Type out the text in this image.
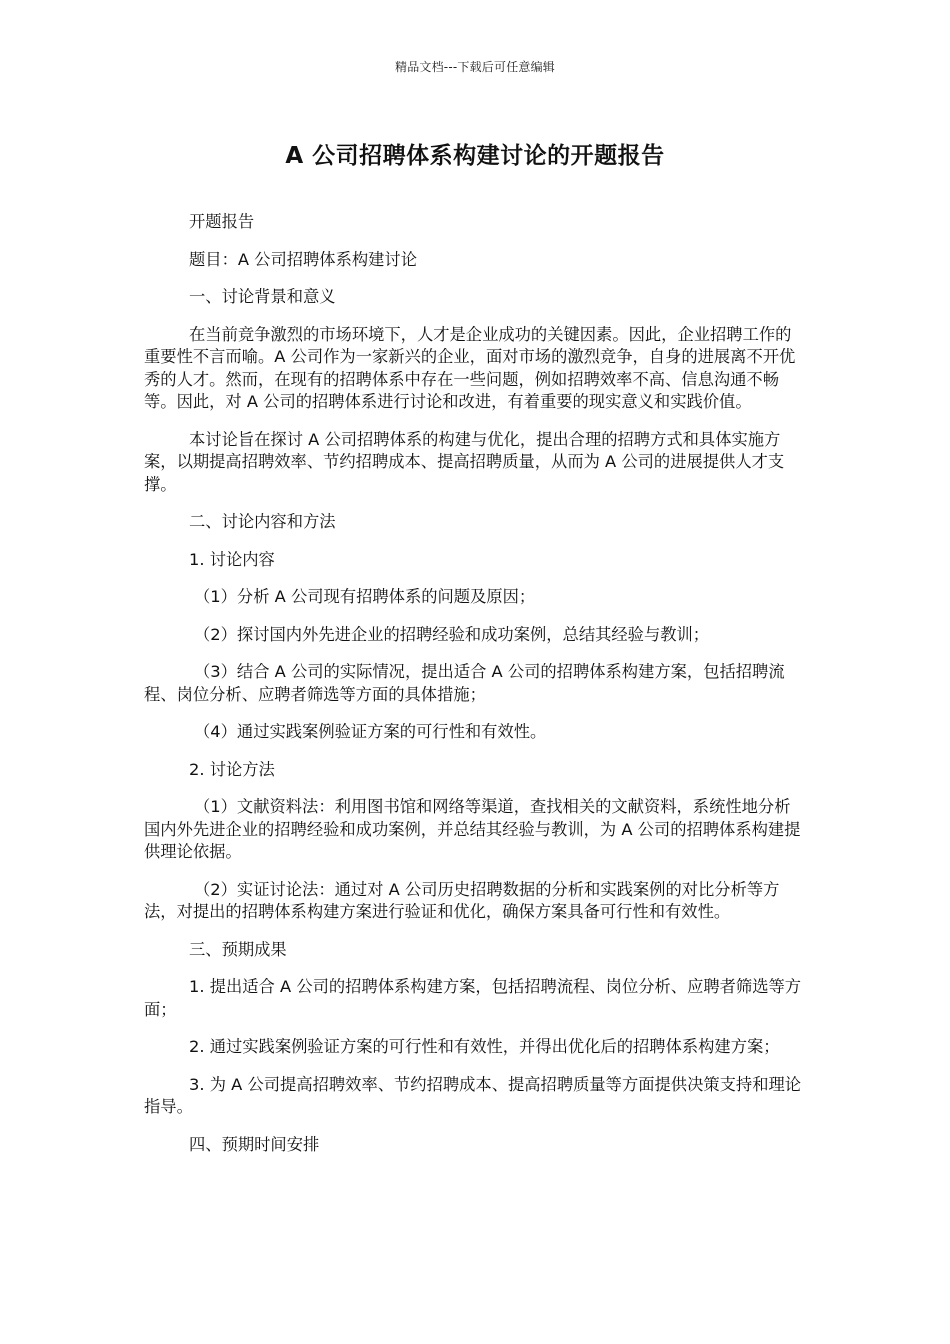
精品文档---下载后可任意编辑
A 公司招聘体系构建讨论的开题报告

开题报告

题目：A 公司招聘体系构建讨论

一、讨论背景和意义

在当前竞争激烈的市场环境下，人才是企业成功的关键因素。因此，企业招聘工作的重要性不言而喻。A 公司作为一家新兴的企业，面对市场的激烈竞争，自身的进展离不开优秀的人才。然而，在现有的招聘体系中存在一些问题，例如招聘效率不高、信息沟通不畅等。因此，对 A 公司的招聘体系进行讨论和改进，有着重要的现实意义和实践价值。

本讨论旨在探讨 A 公司招聘体系的构建与优化，提出合理的招聘方式和具体实施方案，以期提高招聘效率、节约招聘成本、提高招聘质量，从而为 A 公司的进展提供人才支撑。

二、讨论内容和方法

1. 讨论内容

（1）分析 A 公司现有招聘体系的问题及原因；

（2）探讨国内外先进企业的招聘经验和成功案例，总结其经验与教训；

（3）结合 A 公司的实际情况，提出适合 A 公司的招聘体系构建方案，包括招聘流程、岗位分析、应聘者筛选等方面的具体措施；

（4）通过实践案例验证方案的可行性和有效性。

2. 讨论方法

（1）文献资料法：利用图书馆和网络等渠道，查找相关的文献资料，系统性地分析国内外先进企业的招聘经验和成功案例，并总结其经验与教训，为 A 公司的招聘体系构建提供理论依据。

（2）实证讨论法：通过对 A 公司历史招聘数据的分析和实践案例的对比分析等方法，对提出的招聘体系构建方案进行验证和优化，确保方案具备可行性和有效性。

三、预期成果

1. 提出适合 A 公司的招聘体系构建方案，包括招聘流程、岗位分析、应聘者筛选等方面；

2. 通过实践案例验证方案的可行性和有效性，并得出优化后的招聘体系构建方案；

3. 为 A 公司提高招聘效率、节约招聘成本、提高招聘质量等方面提供决策支持和理论指导。

四、预期时间安排
